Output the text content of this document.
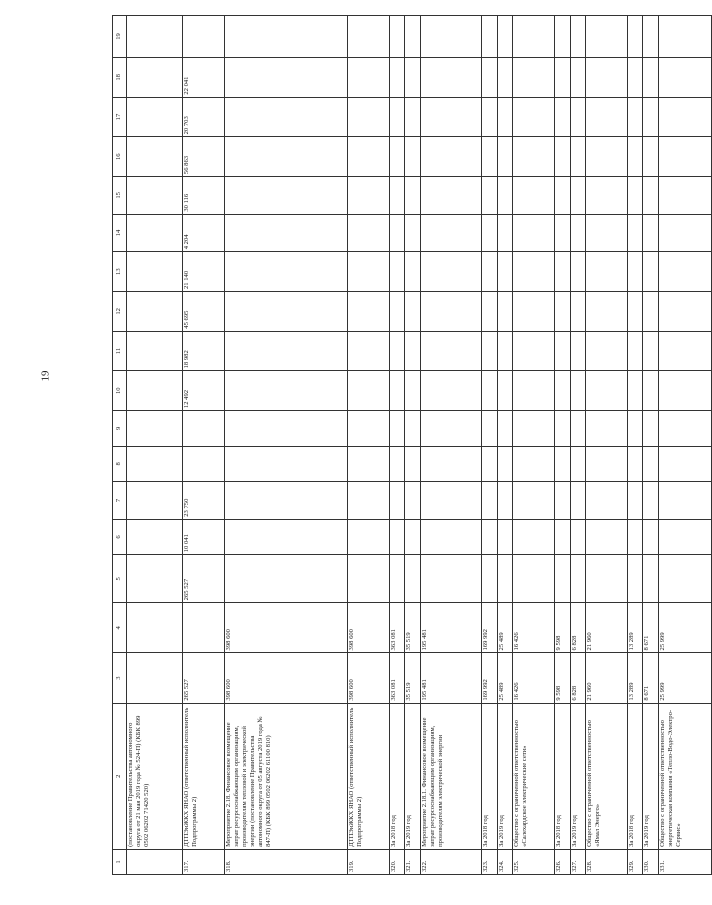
19
1	2	3	4	5	6	7	8	9	10	11	12	13	14	15	16	17	18	19
	(постановление Правительства автономного округа от 21 мая 2019 года № 524-П) (КБК 899 0502 06202 71420 520)																	
317.	ДТПЭиЖКХ ЯНАО (ответственный исполнитель Подпрограммы 2)	265 527		265 527	10 041	23 750			12 492	18 982	45 695	21 140	4 204	30 116	56 863	20 703	22 041	
318.	Мероприятие 2.18. Финансовое возмещение затрат ресурсоснабжающим организациям, производителям тепловой и электрической энергии (постановление Правительства автономного округа от 05 августа 2019 года № 847-П) (КБК 899 0502 06202 61100 810)	398 600	398 600															
319.	ДТПЭиЖКХ ЯНАО (ответственный исполнитель Подпрограммы 2)	398 600	398 600															
320.	За 2018 год	363 081	363 081															
321.	За 2019 год	35 519	35 519															
322.	Мероприятие 2.18.1. Финансовое возмещение затрат ресурсоснабжающим организациям, производителям электрической энергии	195 481	195 481															
323.	За 2018 год	169 992	169 992															
324.	За 2019 год	25 489	25 489															
325.	Общество с ограниченной ответственностью «Салехардское электрические сети»	16 426	16 426															
326.	За 2018 год	9 598	9 598															
327.	За 2019 год	6 828	6 828															
328.	Общество с ограниченной ответственностью «Ямал Энерго»	21 960	21 960															
329.	За 2018 год	13 289	13 289															
330.	За 2019 год	8 671	8 671															
331.	Общество с ограниченной ответственностью энергетическая компания «Тепло-Водо-Электро-Сервис»	25 999	25 999															
